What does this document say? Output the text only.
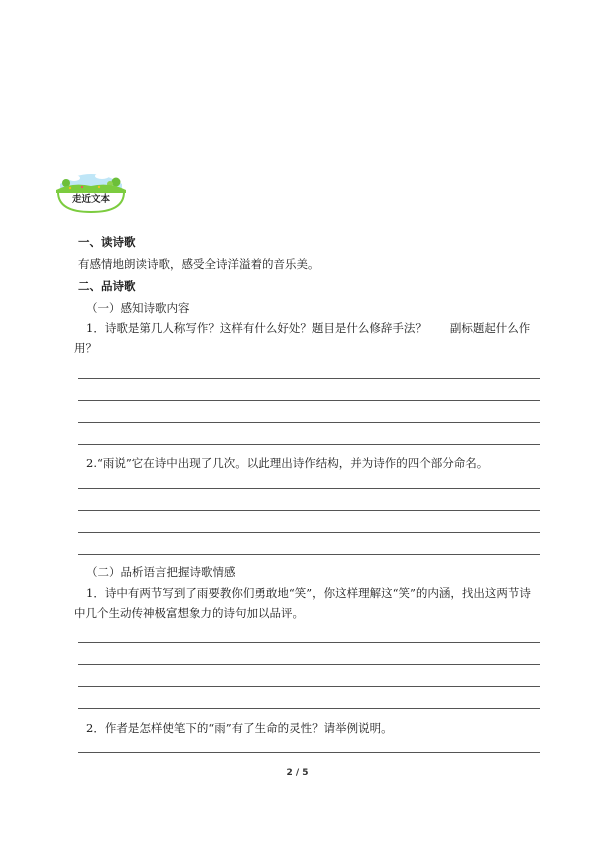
走近文本
一、读诗歌
有感情地朗读诗歌，感受全诗洋溢着的音乐美。
二、品诗歌
（一）感知诗歌内容
1．诗歌是第几人称写作？这样有什么好处？题目是什么修辞手法？　　副标题起什么作用？
2.“雨说”它在诗中出现了几次。以此理出诗作结构，并为诗作的四个部分命名。
（二）品析语言把握诗歌情感
1．诗中有两节写到了雨要教你们勇敢地“笑”，你这样理解这“笑”的内涵，找出这两节诗中几个生动传神极富想象力的诗句加以品评。
2．作者是怎样使笔下的“雨”有了生命的灵性？请举例说明。
2 / 5
